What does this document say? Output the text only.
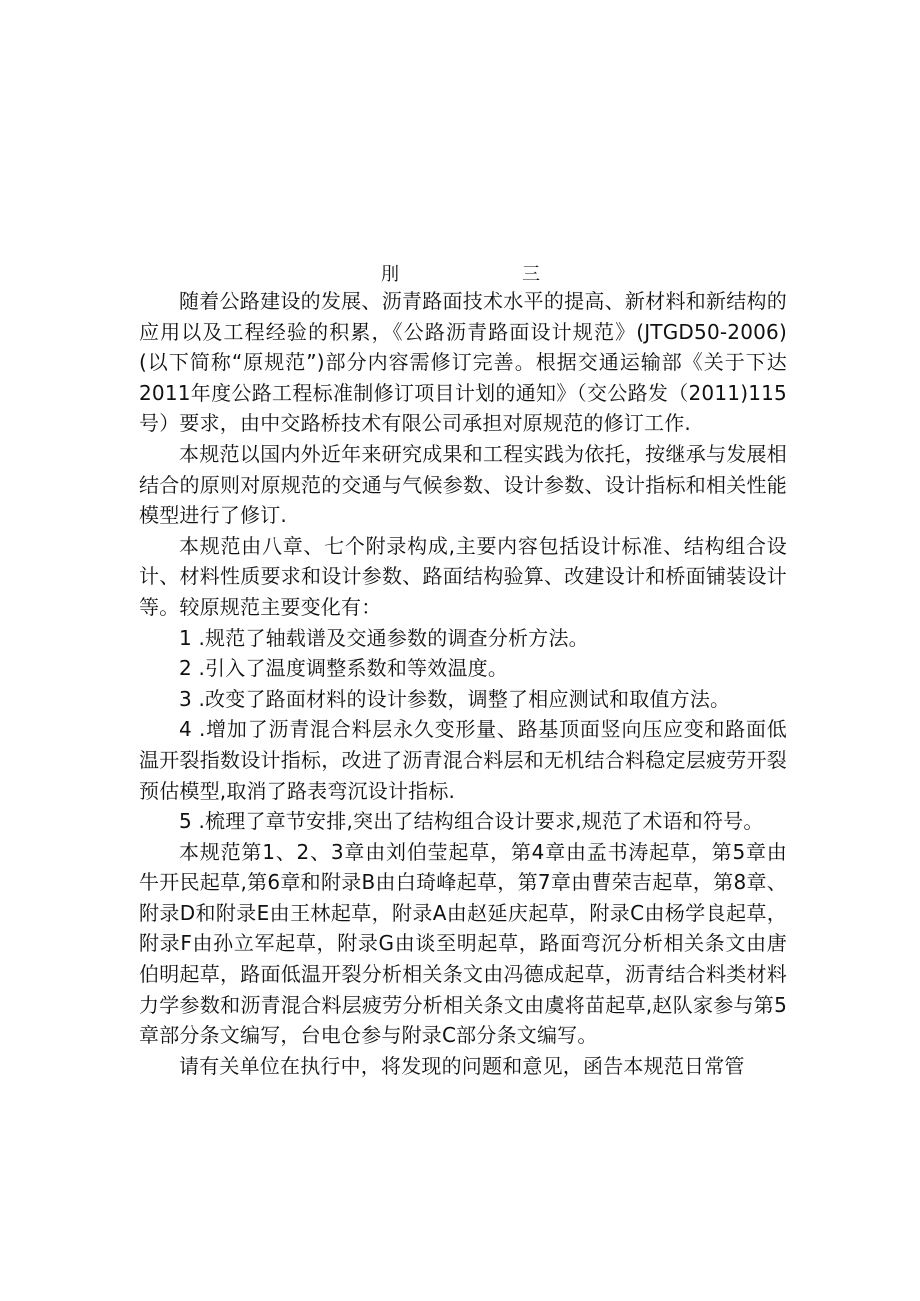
刖	三

随着公路建设的发展、沥青路面技术水平的提高、新材料和新结构的应用以及工程经验的积累，《公路沥青路面设计规范》(JTGD50-2006)(以下简称“原规范”)部分内容需修订完善。根据交通运输部《关于下达2011年度公路工程标准制修订项目计划的通知》（交公路发（2011)115号）要求，由中交路桥技术有限公司承担对原规范的修订工作.

本规范以国内外近年来研究成果和工程实践为依托，按继承与发展相结合的原则对原规范的交通与气候参数、设计参数、设计指标和相关性能模型进行了修订.

本规范由八章、七个附录构成,主要内容包括设计标准、结构组合设计、材料性质要求和设计参数、路面结构验算、改建设计和桥面铺装设计等。较原规范主要变化有：

1 .规范了轴载谱及交通参数的调查分析方法。

2 .引入了温度调整系数和等效温度。

3 .改变了路面材料的设计参数，调整了相应测试和取值方法。

4 .增加了沥青混合料层永久变形量、路基顶面竖向压应变和路面低温开裂指数设计指标，改进了沥青混合料层和无机结合料稳定层疲劳开裂预估模型,取消了路表弯沉设计指标.

5 .梳理了章节安排,突出了结构组合设计要求,规范了术语和符号。

本规范第1、2、3章由刘伯莹起草，第4章由孟书涛起草，第5章由牛开民起草,第6章和附录B由白琦峰起草，第7章由曹荣吉起草，第8章、附录D和附录E由王林起草，附录A由赵延庆起草，附录C由杨学良起草，附录F由孙立军起草，附录G由谈至明起草，路面弯沉分析相关条文由唐伯明起草，路面低温开裂分析相关条文由冯德成起草，沥青结合料类材料力学参数和沥青混合料层疲劳分析相关条文由虞将苗起草,赵队家参与第5章部分条文编写，台电仓参与附录C部分条文编写。

请有关单位在执行中，将发现的问题和意见，函告本规范日常管
